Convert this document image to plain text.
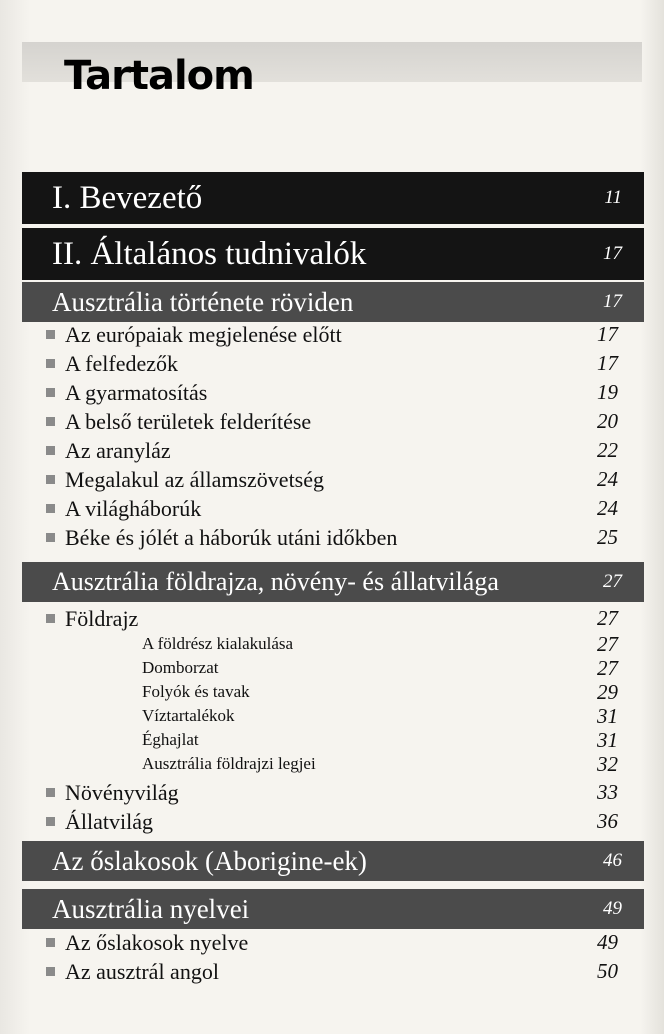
Tartalom
I. Bevezető	11
II. Általános tudnivalók	17
Ausztrália története röviden	17
Az európaiak megjelenése előtt	17
A felfedezők	17
A gyarmatosítás	19
A belső területek felderítése	20
Az aranyláz	22
Megalakul az államszövetség	24
A világháborúk	24
Béke és jólét a háborúk utáni időkben	25
Ausztrália földrajza, növény- és állatvilága	27
Földrajz	27
A földrész kialakulása	27
Domborzat	27
Folyók és tavak	29
Víztartalékok	31
Éghajlat	31
Ausztrália földrajzi legjei	32
Növényvilág	33
Állatvilág	36
Az őslakosok (Aborigine-ek)	46
Ausztrália nyelvei	49
Az őslakosok nyelve	49
Az ausztrál angol	50
